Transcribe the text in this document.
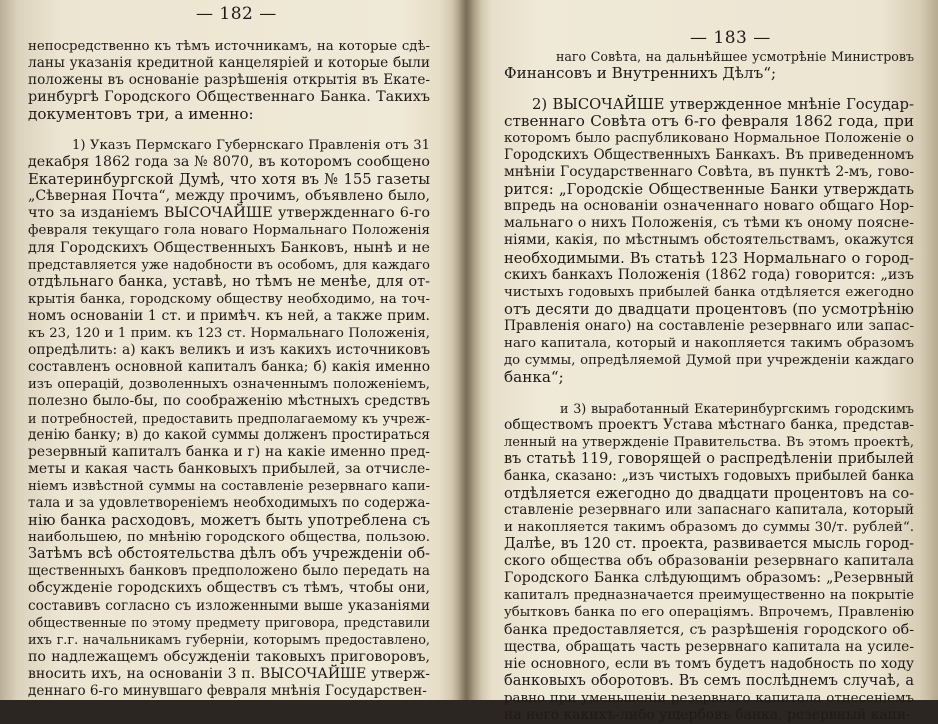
— 182 —
непосредственно къ тѣмъ источникамъ, на которые сдѣ-
ланы указанія кредитной канцеляріей и которые были
положены въ основаніе разрѣшенія открытія въ Екате-
ринбургѣ Городского Общественнаго Банка. Такихъ
документовъ три, а именно:
1) Указъ Пермскаго Губернскаго Правленія отъ 31
декабря 1862 года за № 8070, въ которомъ сообщено
Екатеринбургской Думѣ, что хотя въ № 155 газеты
„Сѣверная Почта“, между прочимъ, объявлено было,
что за изданіемъ ВЫСОЧАЙШЕ утвержденнаго 6-го
февраля текущаго гола новаго Нормальнаго Положенія
для Городскихъ Общественныхъ Банковъ, нынѣ и не
представляется уже надобности въ особомъ, для каждаго
отдѣльнаго банка, уставѣ, но тѣмъ не менѣе, для от-
крытія банка, городскому обществу необходимо, на точ-
номъ основаніи 1 ст. и примѣч. къ ней, а также прим.
къ 23, 120 и 1 прим. къ 123 ст. Нормальнаго Положенія,
опредѣлить: а) какъ великъ и изъ какихъ источниковъ
составленъ основной капиталъ банка; б) какія именно
изъ операцій, дозволенныхъ означеннымъ положеніемъ,
полезно было-бы, по соображенію мѣстныхъ средствъ
и потребностей, предоставить предполагаемому къ учреж-
денію банку; в) до какой суммы долженъ простираться
резервный капиталъ банка и г) на какіе именно пред-
меты и какая часть банковыхъ прибылей, за отчисле-
ніемъ извѣстной суммы на составленіе резервнаго капи-
тала и за удовлетвореніемъ необходимыхъ по содержа-
нію банка расходовъ, можетъ быть употреблена съ
наибольшею, по мнѣнію городского общества, пользою.
Затѣмъ всѣ обстоятельства дѣлъ объ учрежденіи об-
щественныхъ банковъ предположено было передать на
обсужденіе городскихъ обществъ съ тѣмъ, чтобы они,
составивъ согласно съ изложенными выше указаніями
общественные по этому предмету приговора, представили
ихъ г.г. начальникамъ губерніи, которымъ предоставлено,
по надлежащемъ обсужденіи таковыхъ приговоровъ,
вносить ихъ, на основаніи 3 п. ВЫСОЧАЙШЕ утверж-
деннаго 6-го минувшаго февраля мнѣнія Государствен-
— 183 —
наго Совѣта, на дальнѣйшее усмотрѣніе Министровъ
Финансовъ и Внутреннихъ Дѣлъ“;
2) ВЫСОЧАЙШЕ утвержденное мнѣніе Государ-
ственнаго Совѣта отъ 6-го февраля 1862 года, при
которомъ было распубликовано Нормальное Положеніе о
Городскихъ Общественныхъ Банкахъ. Въ приведенномъ
мнѣніи Государственнаго Совѣта, въ пунктѣ 2-мъ, гово-
рится: „Городскіе Общественные Банки утверждать
впредь на основаніи означеннаго новаго общаго Нор-
мальнаго о нихъ Положенія, съ тѣми къ оному поясне-
ніями, какія, по мѣстнымъ обстоятельствамъ, окажутся
необходимыми. Въ статьѣ 123 Нормальнаго о город-
скихъ банкахъ Положенія (1862 года) говорится: „изъ
чистыхъ годовыхъ прибылей банка отдѣляется ежегодно
отъ десяти до двадцати процентовъ (по усмотрѣнію
Правленія онаго) на составленіе резервнаго или запас-
наго капитала, который и накопляется такимъ образомъ
до суммы, опредѣляемой Думой при учрежденіи каждаго
банка“;
и 3) выработанный Екатеринбургскимъ городскимъ
обществомъ проектъ Устава мѣстнаго банка, представ-
ленный на утвержденіе Правительства. Въ этомъ проектѣ,
въ статьѣ 119, говорящей о распредѣленіи прибылей
банка, сказано: „изъ чистыхъ годовыхъ прибылей банка
отдѣляется ежегодно до двадцати процентовъ на со-
ставленіе резервнаго или запаснаго капитала, который
и накопляется такимъ образомъ до суммы 30/т. рублей“.
Далѣе, въ 120 ст. проекта, развивается мысль город-
ского общества объ образованіи резервнаго капитала
Городского Банка слѣдующимъ образомъ: „Резервный
капиталъ предназначается преимущественно на покрытіе
убытковъ банка по его операціямъ. Впрочемъ, Правленію
банка предоставляется, съ разрѣшенія городского об-
щества, обращать часть резервнаго капитала на усиле-
ніе основного, если въ томъ будетъ надобность по ходу
банковыхъ оборотовъ. Въ семъ послѣднемъ случаѣ, а
равно при уменьшеніи резервнаго капитала отнесеніемъ
на него какихъ-либо ущербовъ банка, резервный капи-
